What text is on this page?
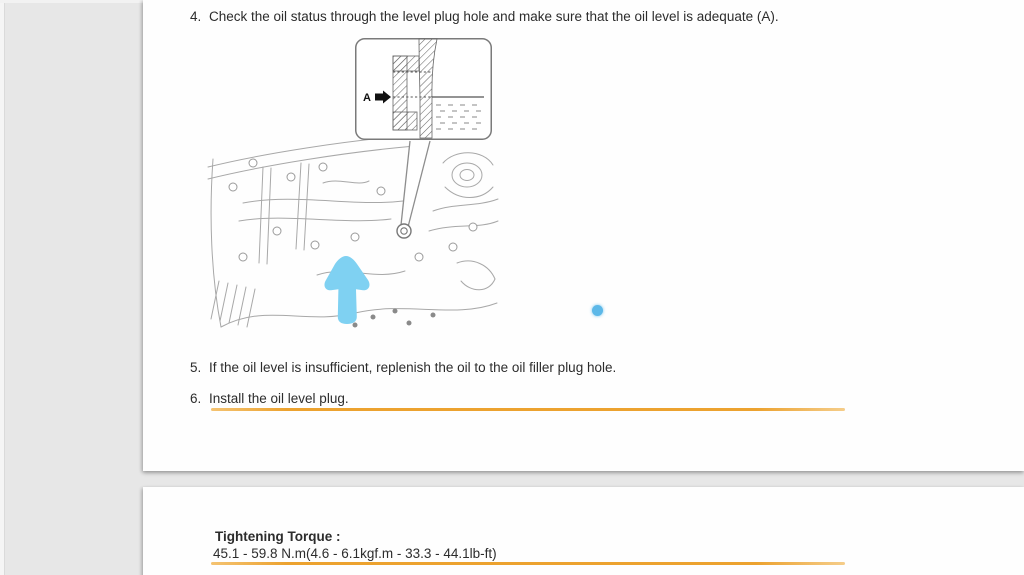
4. Check the oil status through the level plug hole and make sure that the oil level is adequate (A).
A
5. If the oil level is insufficient, replenish the oil to the oil filler plug hole.
6. Install the oil level plug.
Tightening Torque :
45.1 - 59.8 N.m(4.6 - 6.1kgf.m - 33.3 - 44.1lb-ft)
